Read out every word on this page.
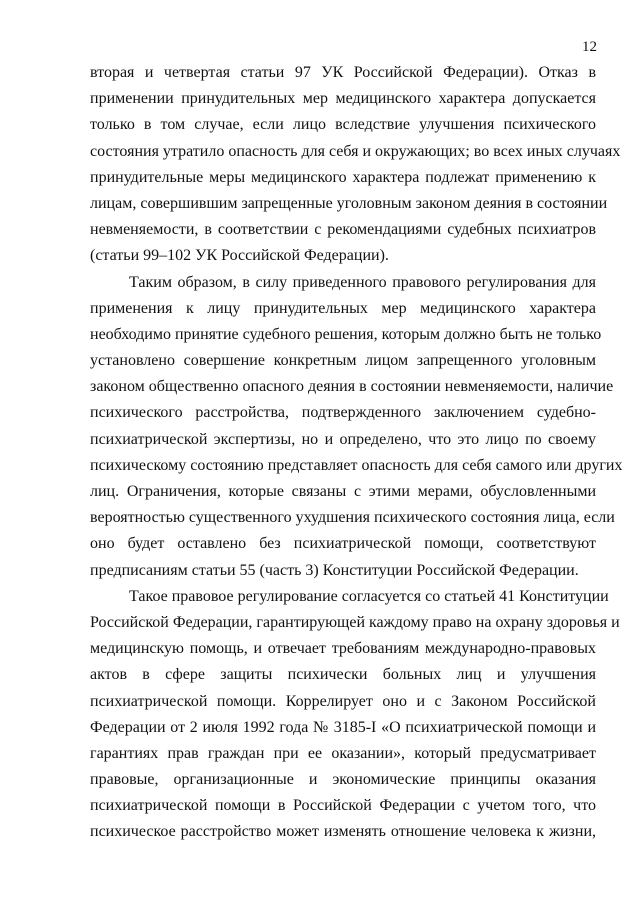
12
вторая и четвертая статьи 97 УК Российской Федерации). Отказ в
применении принудительных мер медицинского характера допускается
только в том случае, если лицо вследствие улучшения психического
состояния утратило опасность для себя и окружающих; во всех иных случаях
принудительные меры медицинского характера подлежат применению к
лицам, совершившим запрещенные уголовным законом деяния в состоянии
невменяемости, в соответствии с рекомендациями судебных психиатров
(статьи 99–102 УК Российской Федерации).
Таким образом, в силу приведенного правового регулирования для
применения к лицу принудительных мер медицинского характера
необходимо принятие судебного решения, которым должно быть не только
установлено совершение конкретным лицом запрещенного уголовным
законом общественно опасного деяния в состоянии невменяемости, наличие
психического расстройства, подтвержденного заключением судебно-
психиатрической экспертизы, но и определено, что это лицо по своему
психическому состоянию представляет опасность для себя самого или других
лиц. Ограничения, которые связаны с этими мерами, обусловленными
вероятностью существенного ухудшения психического состояния лица, если
оно будет оставлено без психиатрической помощи, соответствуют
предписаниям статьи 55 (часть 3) Конституции Российской Федерации.
Такое правовое регулирование согласуется со статьей 41 Конституции
Российской Федерации, гарантирующей каждому право на охрану здоровья и
медицинскую помощь, и отвечает требованиям международно-правовых
актов в сфере защиты психически больных лиц и улучшения
психиатрической помощи. Коррелирует оно и с Законом Российской
Федерации от 2 июля 1992 года № 3185-I «О психиатрической помощи и
гарантиях прав граждан при ее оказании», который предусматривает
правовые, организационные и экономические принципы оказания
психиатрической помощи в Российской Федерации с учетом того, что
психическое расстройство может изменять отношение человека к жизни,
